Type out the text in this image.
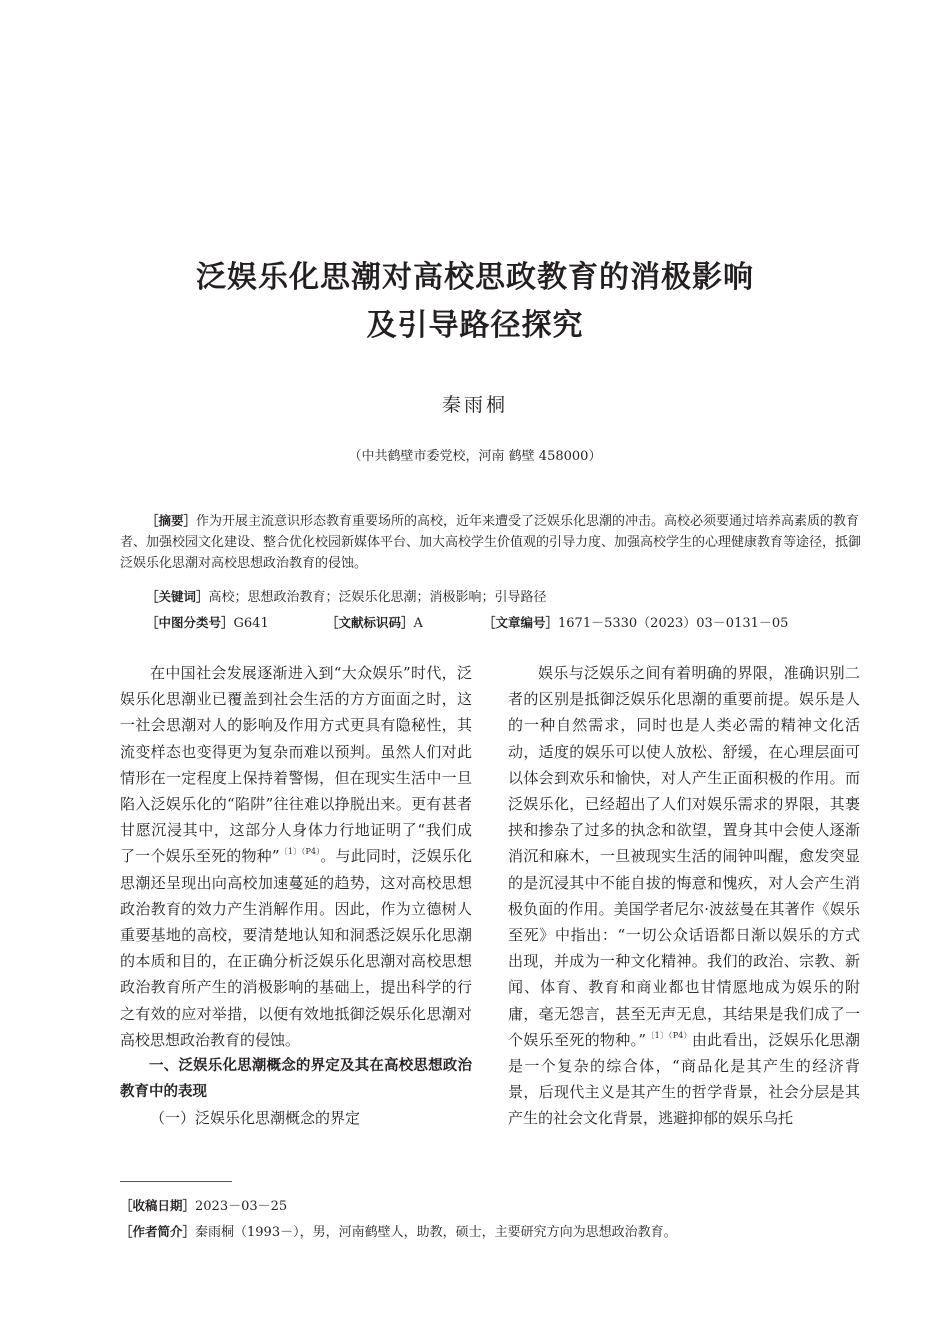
泛娱乐化思潮对高校思政教育的消极影响
及引导路径探究
秦雨桐
（中共鹤壁市委党校，河南 鹤壁 458000）
［摘要］作为开展主流意识形态教育重要场所的高校，近年来遭受了泛娱乐化思潮的冲击。高校必须要通过培养高素质的教育者、加强校园文化建设、整合优化校园新媒体平台、加大高校学生价值观的引导力度、加强高校学生的心理健康教育等途径，抵御泛娱乐化思潮对高校思想政治教育的侵蚀。
［关键词］高校；思想政治教育；泛娱乐化思潮；消极影响；引导路径
［中图分类号］G641	［文献标识码］A	［文章编号］1671－5330（2023）03－0131－05

在中国社会发展逐渐进入到“大众娱乐”时代，泛娱乐化思潮业已覆盖到社会生活的方方面面之时，这一社会思潮对人的影响及作用方式更具有隐秘性，其流变样态也变得更为复杂而难以预判。虽然人们对此情形在一定程度上保持着警惕，但在现实生活中一旦陷入泛娱乐化的“陷阱”往往难以挣脱出来。更有甚者甘愿沉浸其中，这部分人身体力行地证明了“我们成了一个娱乐至死的物种”$^{〔1〕(P4)}$。与此同时，泛娱乐化思潮还呈现出向高校加速蔓延的趋势，这对高校思想政治教育的效力产生消解作用。因此，作为立德树人重要基地的高校，要清楚地认知和洞悉泛娱乐化思潮的本质和目的，在正确分析泛娱乐化思潮对高校思想政治教育所产生的消极影响的基础上，提出科学的行之有效的应对举措，以便有效地抵御泛娱乐化思潮对高校思想政治教育的侵蚀。

一、泛娱乐化思潮概念的界定及其在高校思想政治教育中的表现

（一）泛娱乐化思潮概念的界定

娱乐与泛娱乐之间有着明确的界限，准确识别二者的区别是抵御泛娱乐化思潮的重要前提。娱乐是人的一种自然需求，同时也是人类必需的精神文化活动，适度的娱乐可以使人放松、舒缓，在心理层面可以体会到欢乐和愉快，对人产生正面积极的作用。而泛娱乐化，已经超出了人们对娱乐需求的界限，其裹挟和掺杂了过多的执念和欲望，置身其中会使人逐渐消沉和麻木，一旦被现实生活的闹钟叫醒，愈发突显的是沉浸其中不能自拔的悔意和愧疚，对人会产生消极负面的作用。美国学者尼尔·波兹曼在其著作《娱乐至死》中指出：“一切公众话语都日渐以娱乐的方式出现，并成为一种文化精神。我们的政治、宗教、新闻、体育、教育和商业都也甘情愿地成为娱乐的附庸，毫无怨言，甚至无声无息，其结果是我们成了一个娱乐至死的物种。”$^{〔1〕(P4)}$由此看出，泛娱乐化思潮是一个复杂的综合体，“商品化是其产生的经济背景，后现代主义是其产生的哲学背景，社会分层是其产生的社会文化背景，逃避抑郁的娱乐乌托

［收稿日期］2023－03－25
［作者简介］秦雨桐（1993－），男，河南鹤壁人，助教，硕士，主要研究方向为思想政治教育。
